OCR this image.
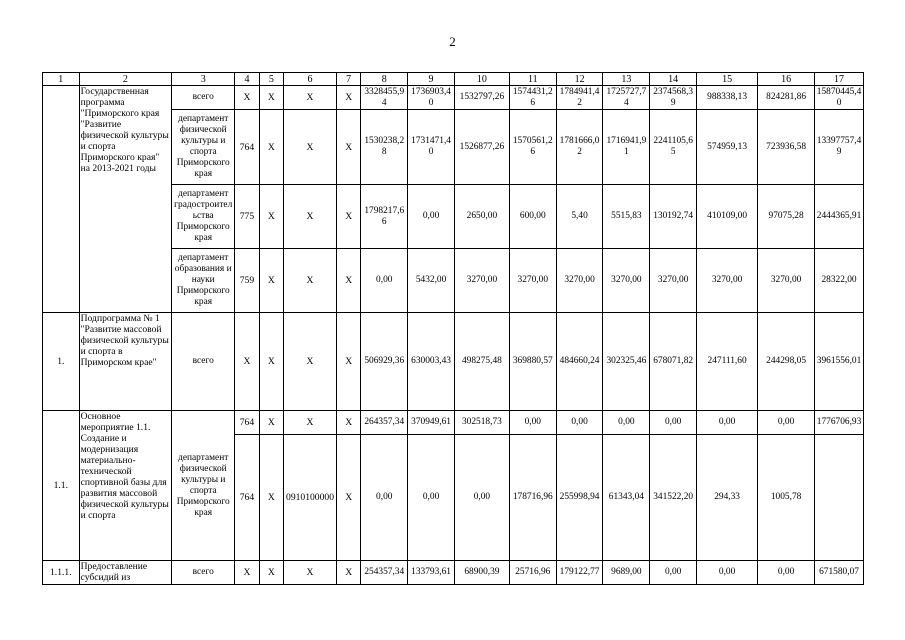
2
1	2	3	4	5	6	7	8	9	10	11	12	13	14	15	16	17
	Государственная программа "Приморского края "Развитие физической культуры и спорта Приморского края" на 2013-2021 годы	всего	X	X	X	X	3328455,94	1736903,40	1532797,26	1574431,26	1784941,42	1725727,74	2374568,39	988338,13	824281,86	15870445,40
		департамент физической культуры и спорта Приморского края	764	X	X	X	1530238,28	1731471,40	1526877,26	1570561,26	1781666,02	1716941,91	2241105,65	574959,13	723936,58	13397757,49
		департамент градостроительства Приморского края	775	X	X	X	1798217,66	0,00	2650,00	600,00	5,40	5515,83	130192,74	410109,00	97075,28	2444365,91
		департамент образования и науки Приморского края	759	X	X	X	0,00	5432,00	3270,00	3270,00	3270,00	3270,00	3270,00	3270,00	3270,00	28322,00
1.	Подпрограмма № 1 "Развитие массовой физической культуры и спорта в Приморском крае"	всего	X	X	X	X	506929,36	630003,43	498275,48	369880,57	484660,24	302325,46	678071,82	247111,60	244298,05	3961556,01
1.1.	Основное мероприятие 1.1. Создание и модернизация материально-технической спортивной базы для развития массовой физической культуры и спорта	департамент физической культуры и спорта Приморского края	764	X	X	X	264357,34	370949,61	302518,73	0,00	0,00	0,00	0,00	0,00	0,00	1776706,93
			764	X	0910100000	X	0,00	0,00	0,00	178716,96	255998,94	61343,04	341522,20	294,33	1005,78	
1.1.1.	Предоставление субсидий из	всего	X	X	X	X	254357,34	133793,61	68900,39	25716,96	179122,77	9689,00	0,00	0,00	0,00	671580,07
